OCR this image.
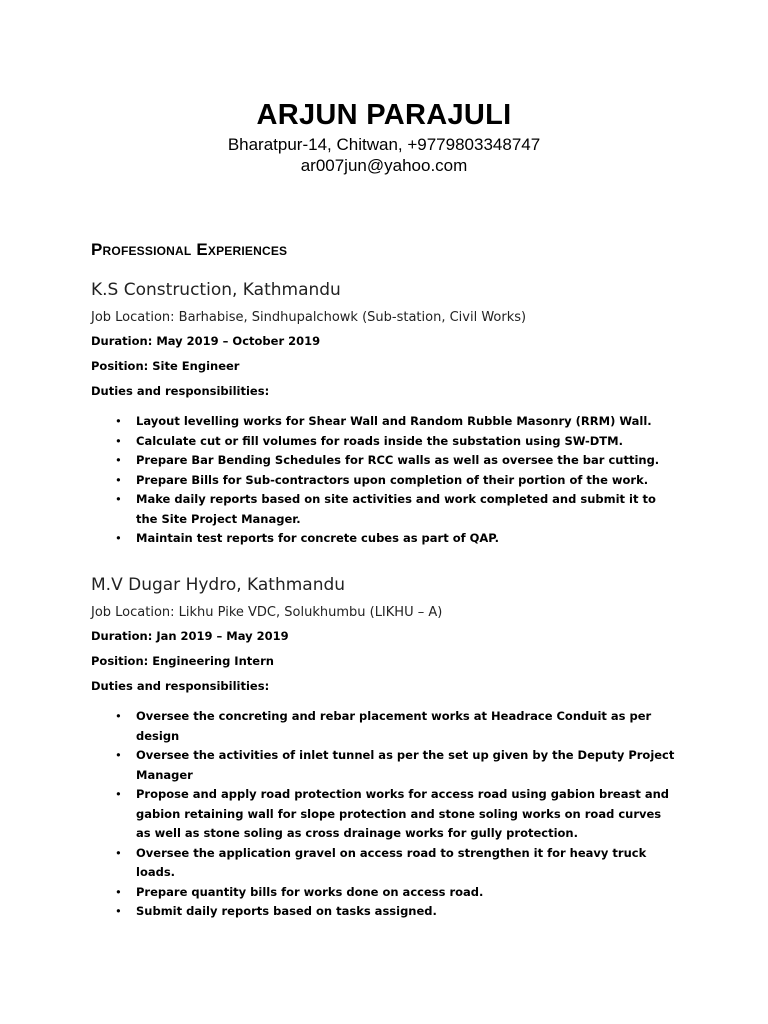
ARJUN PARAJULI

Bharatpur-14, Chitwan, +9779803348747

ar007jun@yahoo.com

Professional Experiences

K.S Construction, Kathmandu

Job Location: Barhabise, Sindhupalchowk (Sub-station, Civil Works)

Duration: May 2019 – October 2019

Position: Site Engineer

Duties and responsibilities:

• Layout levelling works for Shear Wall and Random Rubble Masonry (RRM) Wall.
• Calculate cut or fill volumes for roads inside the substation using SW-DTM.
• Prepare Bar Bending Schedules for RCC walls as well as oversee the bar cutting.
• Prepare Bills for Sub-contractors upon completion of their portion of the work.
• Make daily reports based on site activities and work completed and submit it to the Site Project Manager.
• Maintain test reports for concrete cubes as part of QAP.

M.V Dugar Hydro, Kathmandu

Job Location: Likhu Pike VDC, Solukhumbu (LIKHU – A)

Duration: Jan 2019 – May 2019

Position: Engineering Intern

Duties and responsibilities:

• Oversee the concreting and rebar placement works at Headrace Conduit as per design
• Oversee the activities of inlet tunnel as per the set up given by the Deputy Project Manager
• Propose and apply road protection works for access road using gabion breast and gabion retaining wall for slope protection and stone soling works on road curves as well as stone soling as cross drainage works for gully protection.
• Oversee the application gravel on access road to strengthen it for heavy truck loads.
• Prepare quantity bills for works done on access road.
• Submit daily reports based on tasks assigned.
